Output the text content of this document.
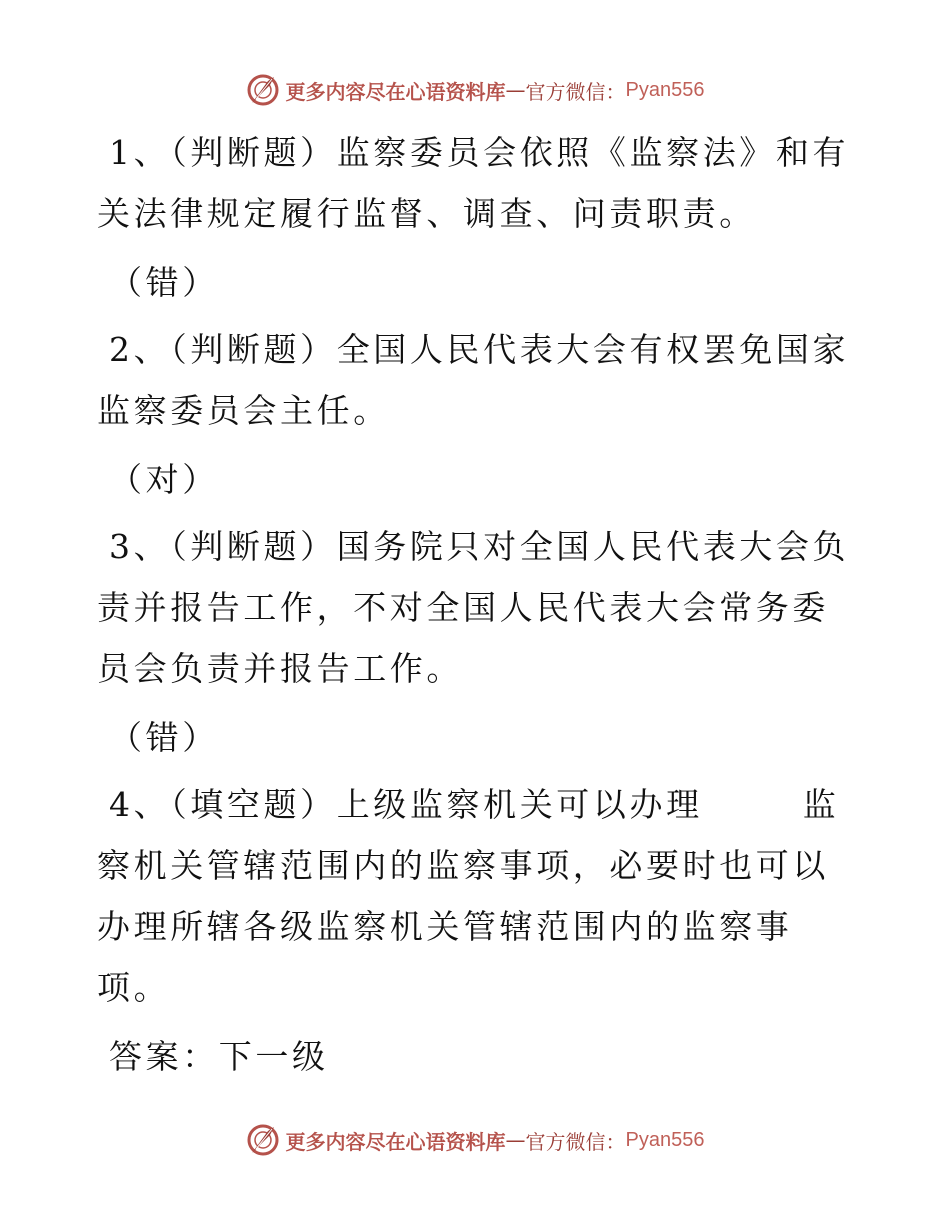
更多内容尽在心语资料库 — 官方微信： Pyan556

1、（判断题）监察委员会依照《监察法》和有关法律规定履行监督、调查、问责职责。

（错）

2、（判断题）全国人民代表大会有权罢免国家监察委员会主任。

（对）

3、（判断题）国务院只对全国人民代表大会负责并报告工作，不对全国人民代表大会常务委员会负责并报告工作。

（错）

4、（填空题）上级监察机关可以办理	监察机关管辖范围内的监察事项，必要时也可以办理所辖各级监察机关管辖范围内的监察事项。

答案：下一级

更多内容尽在心语资料库 — 官方微信： Pyan556
